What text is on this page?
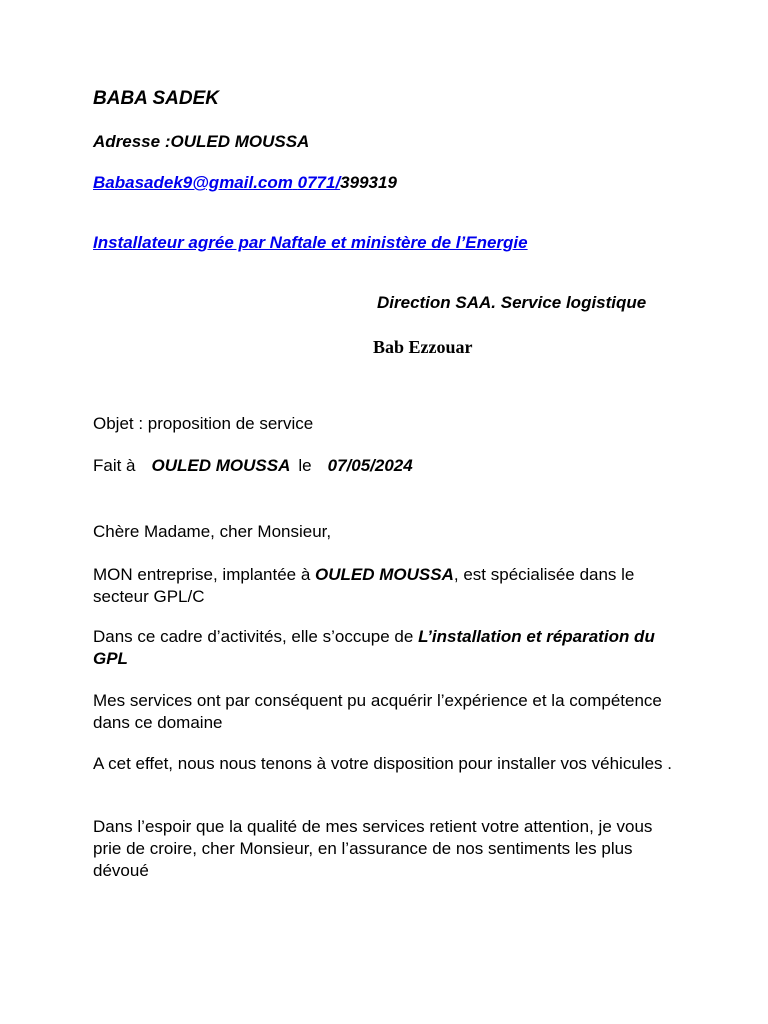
BABA SADEK
Adresse :OULED MOUSSA
Babasadek9@gmail.com 0771/399319
Installateur agrée par Naftale et ministère de l’Energie
Direction SAA. Service logistique
Bab Ezzouar
Objet : proposition de service
Fait à OULED MOUSSA le 07/05/2024
Chère Madame, cher Monsieur,
MON entreprise, implantée à OULED MOUSSA, est spécialisée dans le secteur GPL/C
Dans ce cadre d’activités, elle s’occupe de L’installation et réparation du GPL
Mes services ont par conséquent pu acquérir l’expérience et la compétence dans ce domaine
A cet effet, nous nous tenons à votre disposition pour installer vos véhicules .
Dans l’espoir que la qualité de mes services retient votre attention, je vous prie de croire, cher Monsieur, en l’assurance de nos sentiments les plus dévoué
